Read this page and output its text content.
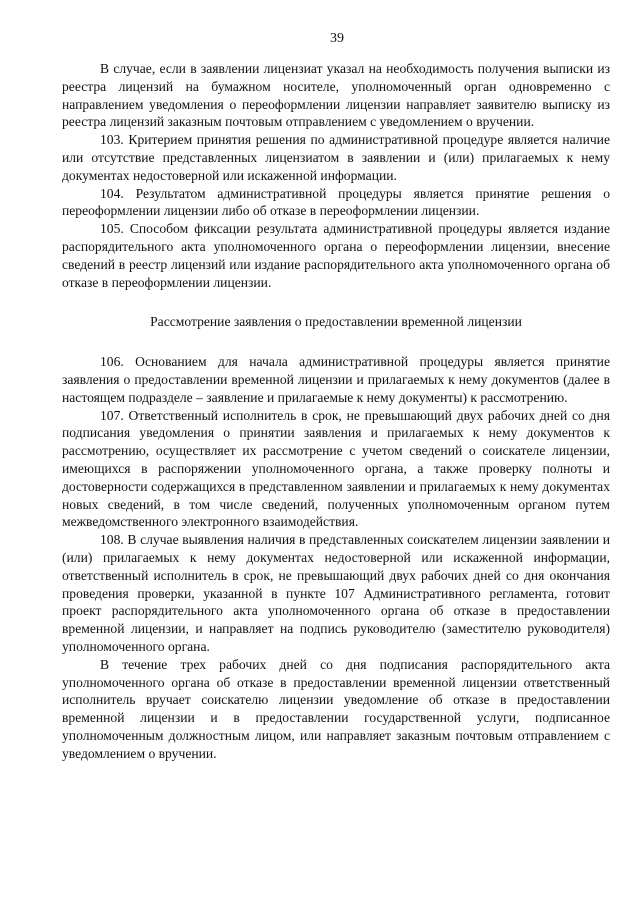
39

В случае, если в заявлении лицензиат указал на необходимость получения выписки из реестра лицензий на бумажном носителе, уполномоченный орган одновременно с направлением уведомления о переоформлении лицензии направляет заявителю выписку из реестра лицензий заказным почтовым отправлением с уведомлением о вручении.

103. Критерием принятия решения по административной процедуре является наличие или отсутствие представленных лицензиатом в заявлении и (или) прилагаемых к нему документах недостоверной или искаженной информации.

104. Результатом административной процедуры является принятие решения о переоформлении лицензии либо об отказе в переоформлении лицензии.

105. Способом фиксации результата административной процедуры является издание распорядительного акта уполномоченного органа о переоформлении лицензии, внесение сведений в реестр лицензий или издание распорядительного акта уполномоченного органа об отказе в переоформлении лицензии.

Рассмотрение заявления о предоставлении временной лицензии

106. Основанием для начала административной процедуры является принятие заявления о предоставлении временной лицензии и прилагаемых к нему документов (далее в настоящем подразделе – заявление и прилагаемые к нему документы) к рассмотрению.

107. Ответственный исполнитель в срок, не превышающий двух рабочих дней со дня подписания уведомления о принятии заявления и прилагаемых к нему документов к рассмотрению, осуществляет их рассмотрение с учетом сведений о соискателе лицензии, имеющихся в распоряжении уполномоченного органа, а также проверку полноты и достоверности содержащихся в представленном заявлении и прилагаемых к нему документах новых сведений, в том числе сведений, полученных уполномоченным органом путем межведомственного электронного взаимодействия.

108. В случае выявления наличия в представленных соискателем лицензии заявлении и (или) прилагаемых к нему документах недостоверной или искаженной информации, ответственный исполнитель в срок, не превышающий двух рабочих дней со дня окончания проведения проверки, указанной в пункте 107 Административного регламента, готовит проект распорядительного акта уполномоченного органа об отказе в предоставлении временной лицензии, и направляет на подпись руководителю (заместителю руководителя) уполномоченного органа.

В течение трех рабочих дней со дня подписания распорядительного акта уполномоченного органа об отказе в предоставлении временной лицензии ответственный исполнитель вручает соискателю лицензии уведомление об отказе в предоставлении временной лицензии и в предоставлении государственной услуги, подписанное уполномоченным должностным лицом, или направляет заказным почтовым отправлением с уведомлением о вручении.
